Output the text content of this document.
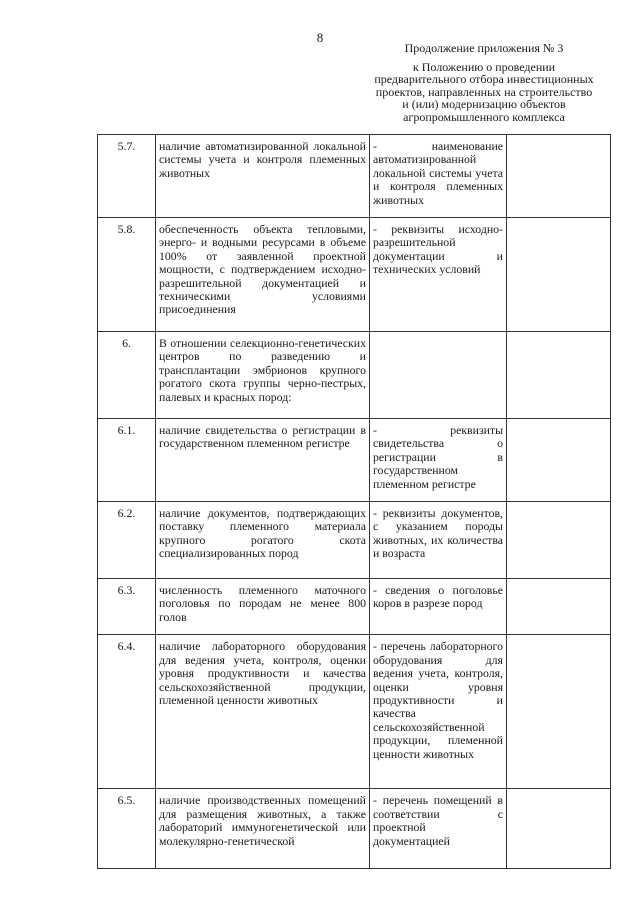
8
Продолжение приложения № 3
к Положению о проведении предварительного отбора инвестиционных проектов, направленных на строительство и (или) модернизацию объектов агропромышленного комплекса
5.7.	наличие автоматизированной локальной системы учета и контроля племенных животных	- наименование автоматизированной локальной системы учета и контроля племенных животных	
5.8.	обеспеченность объекта тепловыми, энерго- и водными ресурсами в объеме 100% от заявленной проектной мощности, с подтверждением исходно-разрешительной документацией и техническими условиями присоединения	- реквизиты исходно-разрешительной документации и технических условий	
6.	В отношении селекционно-генетических центров по разведению и трансплантации эмбрионов крупного рогатого скота группы черно-пестрых, палевых и красных пород:		
6.1.	наличие свидетельства о регистрации в государственном племенном регистре	- реквизиты свидетельства о регистрации в государственном племенном регистре	
6.2.	наличие документов, подтверждающих поставку племенного материала крупного рогатого скота специализированных пород	- реквизиты документов, с указанием породы животных, их количества и возраста	
6.3.	численность племенного маточного поголовья по породам не менее 800 голов	- сведения о поголовье коров в разрезе пород	
6.4.	наличие лабораторного оборудования для ведения учета, контроля, оценки уровня продуктивности и качества сельскохозяйственной продукции, племенной ценности животных	- перечень лабораторного оборудования для ведения учета, контроля, оценки уровня продуктивности и качества сельскохозяйственной продукции, племенной ценности животных	
6.5.	наличие производственных помещений для размещения животных, а также лабораторий иммуногенетической или молекулярно-генетической	- перечень помещений в соответствии с проектной документацией	
